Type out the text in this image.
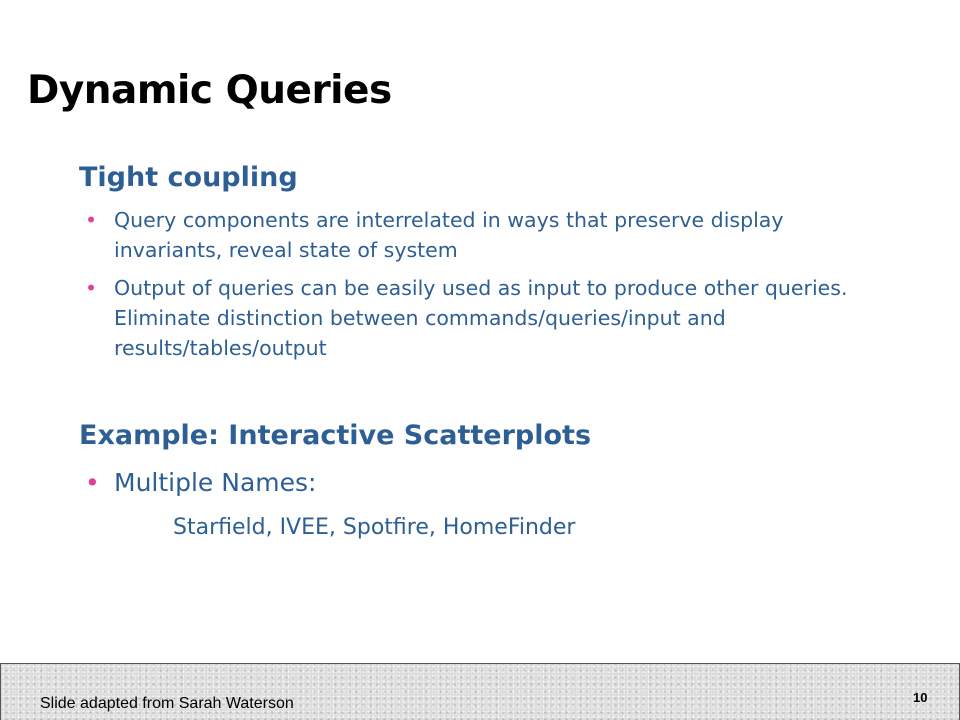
Dynamic Queries
Tight coupling
• Query components are interrelated in ways that preserve display invariants, reveal state of system
• Output of queries can be easily used as input to produce other queries. Eliminate distinction between commands/queries/input and results/tables/output
Example: Interactive Scatterplots
• Multiple Names:

Starfield, IVEE, Spotfire, HomeFinder

Slide adapted from Sarah Waterson	10
